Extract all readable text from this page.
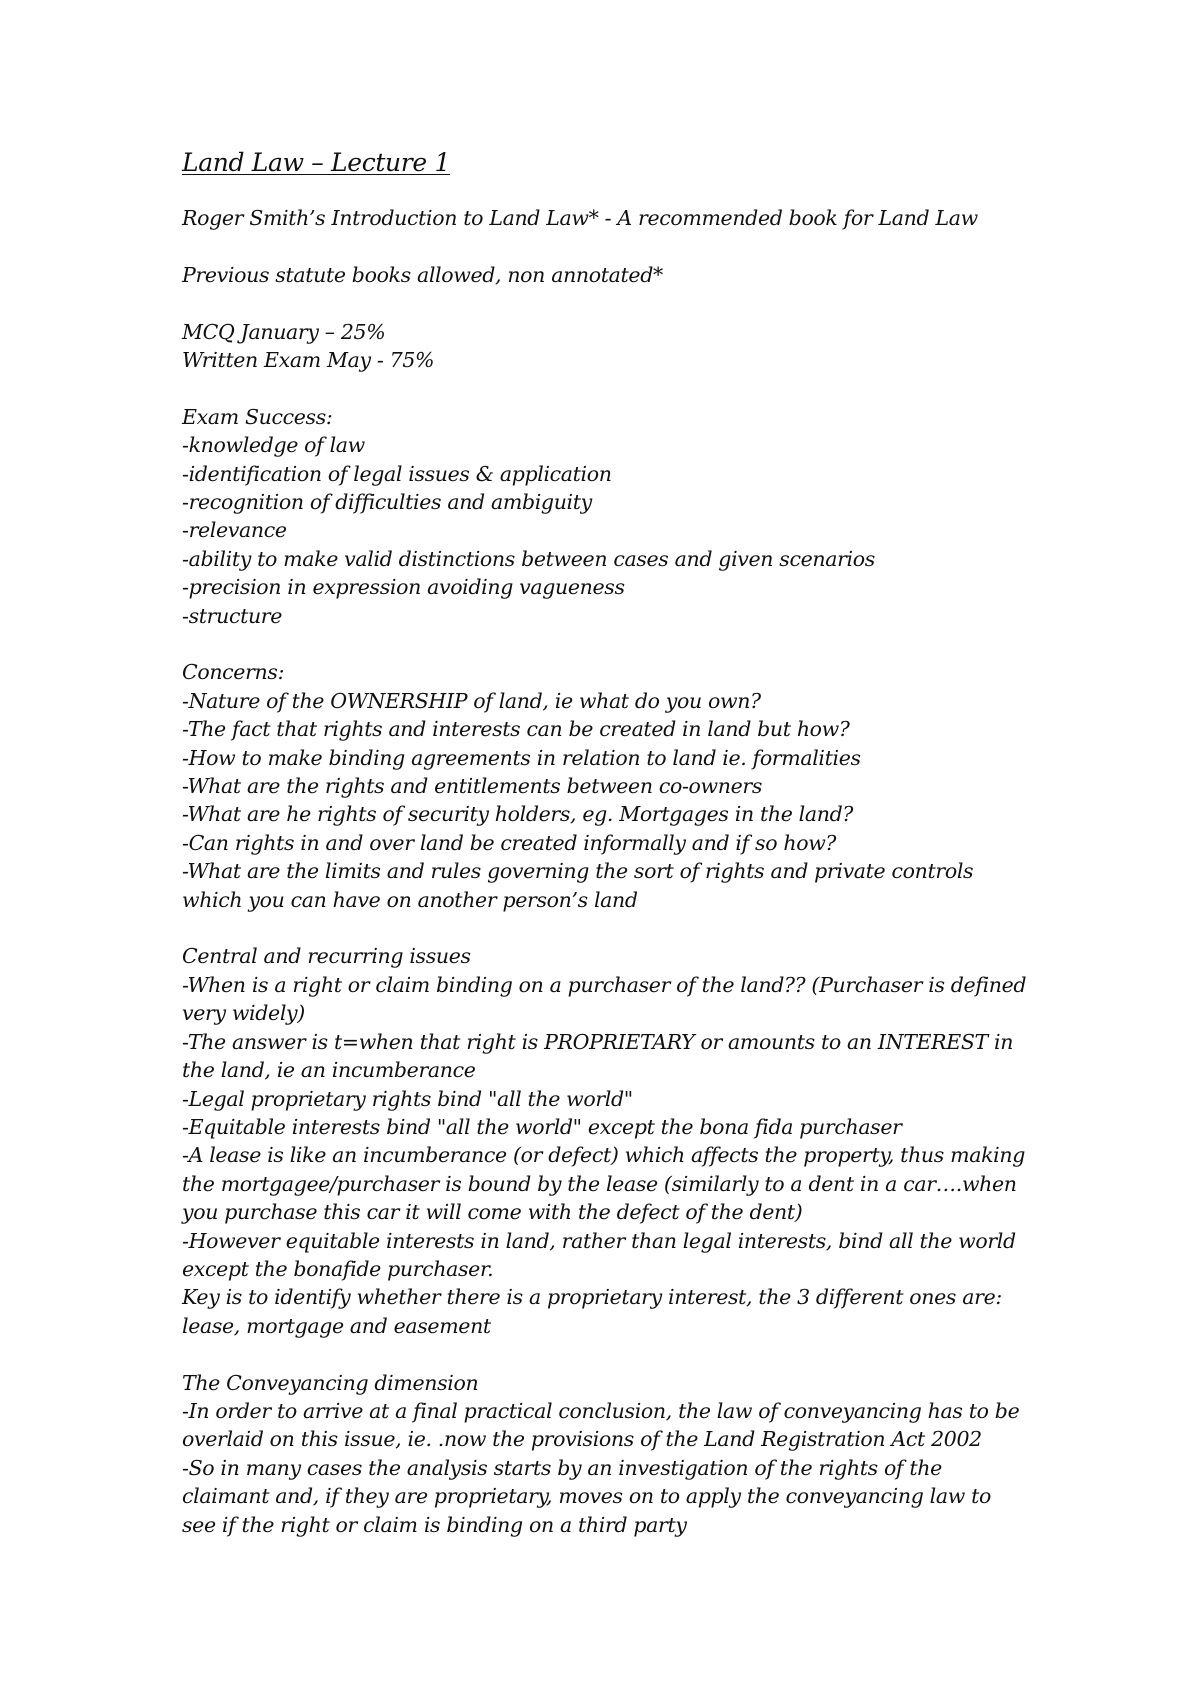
Land Law – Lecture 1
Roger Smith’s Introduction to Land Law* - A recommended book for Land Law
Previous statute books allowed, non annotated*
MCQ January – 25%
Written Exam May - 75%
Exam Success:
-knowledge of law
-identification of legal issues & application
-recognition of difficulties and ambiguity
-relevance
-ability to make valid distinctions between cases and given scenarios
-precision in expression avoiding vagueness
-structure
Concerns:
-Nature of the OWNERSHIP of land, ie what do you own?
-The fact that rights and interests can be created in land but how?
-How to make binding agreements in relation to land ie. formalities
-What are the rights and entitlements between co-owners
-What are he rights of security holders, eg. Mortgages in the land?
-Can rights in and over land be created informally and if so how?
-What are the limits and rules governing the sort of rights and private controls
which you can have on another person’s land
Central and recurring issues
-When is a right or claim binding on a purchaser of the land?? (Purchaser is defined
very widely)
-The answer is t=when that right is PROPRIETARY or amounts to an INTEREST in
the land, ie an incumberance
-Legal proprietary rights bind "all the world"
-Equitable interests bind "all the world" except the bona fida purchaser
-A lease is like an incumberance (or defect) which affects the property, thus making
the mortgagee/purchaser is bound by the lease (similarly to a dent in a car….when
you purchase this car it will come with the defect of the dent)
-However equitable interests in land, rather than legal interests, bind all the world
except the bonafide purchaser.
Key is to identify whether there is a proprietary interest, the 3 different ones are:
lease, mortgage and easement
The Conveyancing dimension
-In order to arrive at a final practical conclusion, the law of conveyancing has to be
overlaid on this issue, ie. .now the provisions of the Land Registration Act 2002
-So in many cases the analysis starts by an investigation of the rights of the
claimant and, if they are proprietary, moves on to apply the conveyancing law to
see if the right or claim is binding on a third party
